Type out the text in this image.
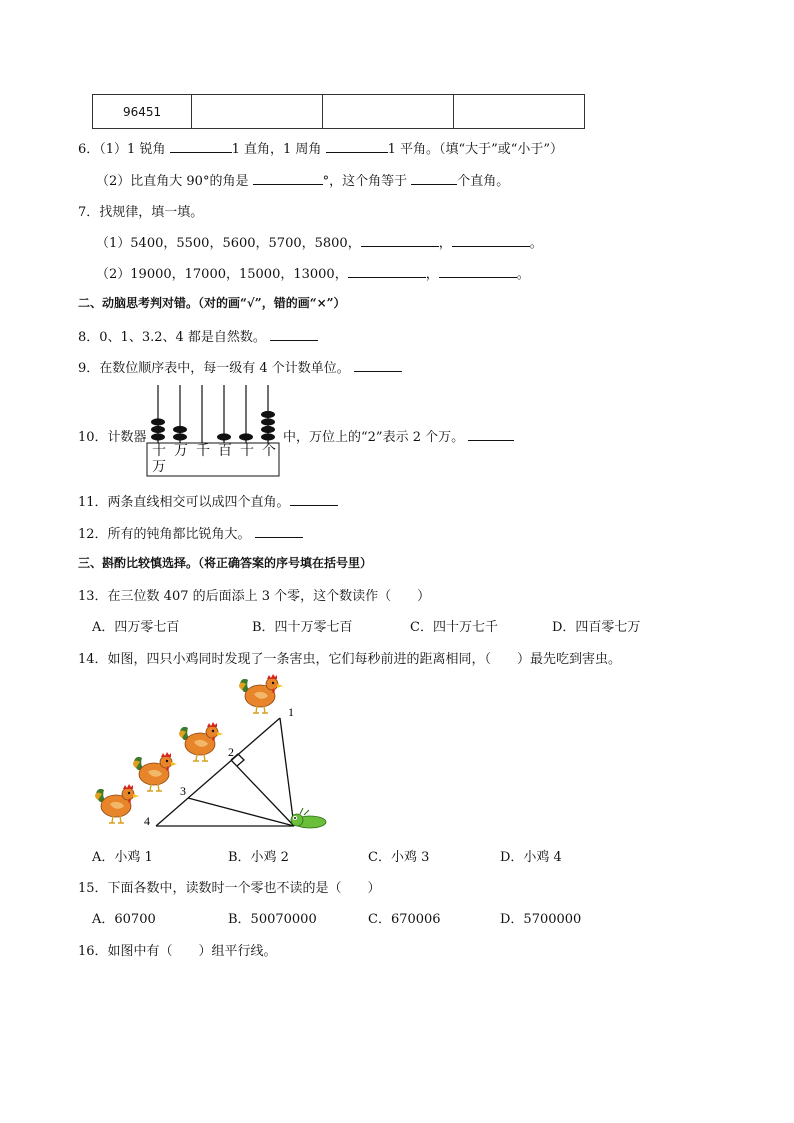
96451			
6．（1）1 锐角	1 直角，1 周角	1 平角。（填“大于”或“小于”）
（2）比直角大 90°的角是	°，这个角等于	个直角。
7．找规律，填一填。
（1）5400，5500，5600，5700，5800，	，	。
（2）19000，17000，15000，13000，	，	。
二、动脑思考判对错。（对的画“√”，错的画“×”）
8．0、1、3.2、4 都是自然数。
9．在数位顺序表中，每一级有 4 个计数单位。
10．计数器
十
万
万 千 百 十 个
中，万位上的“2”表示 2 个万。
11．两条直线相交可以成四个直角。
12．所有的钝角都比锐角大。
三、斟酌比较慎选择。（将正确答案的序号填在括号里）
13．在三位数 407 的后面添上 3 个零，这个数读作（　　）
A．四万零七百	B．四十万零七百	C．四十万七千	D．四百零七万
14．如图，四只小鸡同时发现了一条害虫，它们每秒前进的距离相同，（　　）最先吃到害虫。
1
2
3
4
A．小鸡 1	B．小鸡 2	C．小鸡 3	D．小鸡 4
15．下面各数中，读数时一个零也不读的是（　　）
A．60700	B．50070000	C．670006	D．5700000
16．如图中有（　　）组平行线。
